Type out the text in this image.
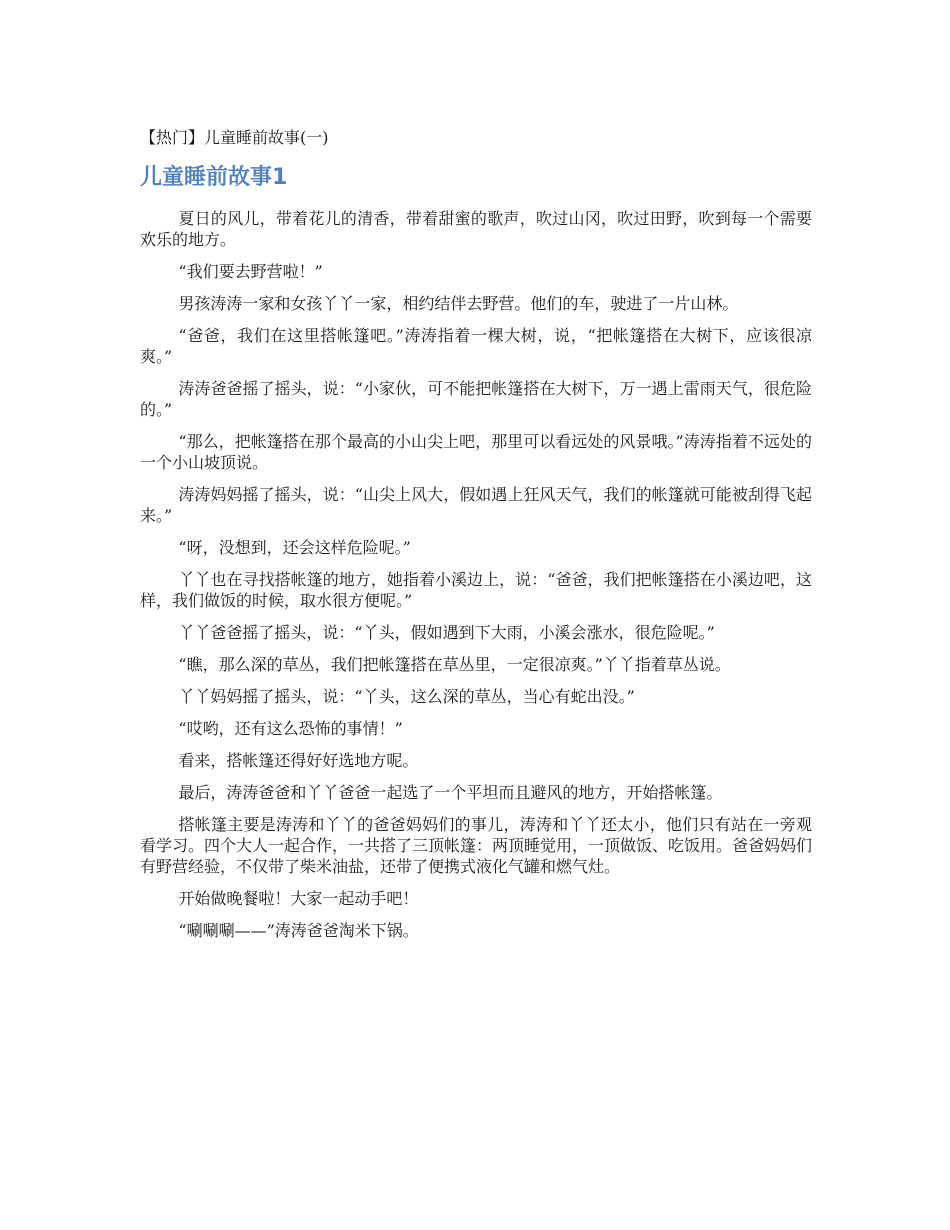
【热门】儿童睡前故事(一)
儿童睡前故事1

夏日的风儿，带着花儿的清香，带着甜蜜的歌声，吹过山冈，吹过田野，吹到每一个需要欢乐的地方。

“我们要去野营啦！”

男孩涛涛一家和女孩丫丫一家，相约结伴去野营。他们的车，驶进了一片山林。

“爸爸，我们在这里搭帐篷吧。”涛涛指着一棵大树，说，“把帐篷搭在大树下，应该很凉爽。”

涛涛爸爸摇了摇头，说：“小家伙，可不能把帐篷搭在大树下，万一遇上雷雨天气，很危险的。”

“那么，把帐篷搭在那个最高的小山尖上吧，那里可以看远处的风景哦。”涛涛指着不远处的一个小山坡顶说。

涛涛妈妈摇了摇头，说：“山尖上风大，假如遇上狂风天气，我们的帐篷就可能被刮得飞起来。”

“呀，没想到，还会这样危险呢。”

丫丫也在寻找搭帐篷的地方，她指着小溪边上，说：“爸爸，我们把帐篷搭在小溪边吧，这样，我们做饭的时候，取水很方便呢。”

丫丫爸爸摇了摇头，说：“丫头，假如遇到下大雨，小溪会涨水，很危险呢。”

“瞧，那么深的草丛，我们把帐篷搭在草丛里，一定很凉爽。”丫丫指着草丛说。

丫丫妈妈摇了摇头，说：“丫头，这么深的草丛，当心有蛇出没。”

“哎哟，还有这么恐怖的事情！”

看来，搭帐篷还得好好选地方呢。

最后，涛涛爸爸和丫丫爸爸一起选了一个平坦而且避风的地方，开始搭帐篷。

搭帐篷主要是涛涛和丫丫的爸爸妈妈们的事儿，涛涛和丫丫还太小，他们只有站在一旁观看学习。四个大人一起合作，一共搭了三顶帐篷：两顶睡觉用，一顶做饭、吃饭用。爸爸妈妈们有野营经验，不仅带了柴米油盐，还带了便携式液化气罐和燃气灶。

开始做晚餐啦！大家一起动手吧！

“唰唰唰——”涛涛爸爸淘米下锅。
